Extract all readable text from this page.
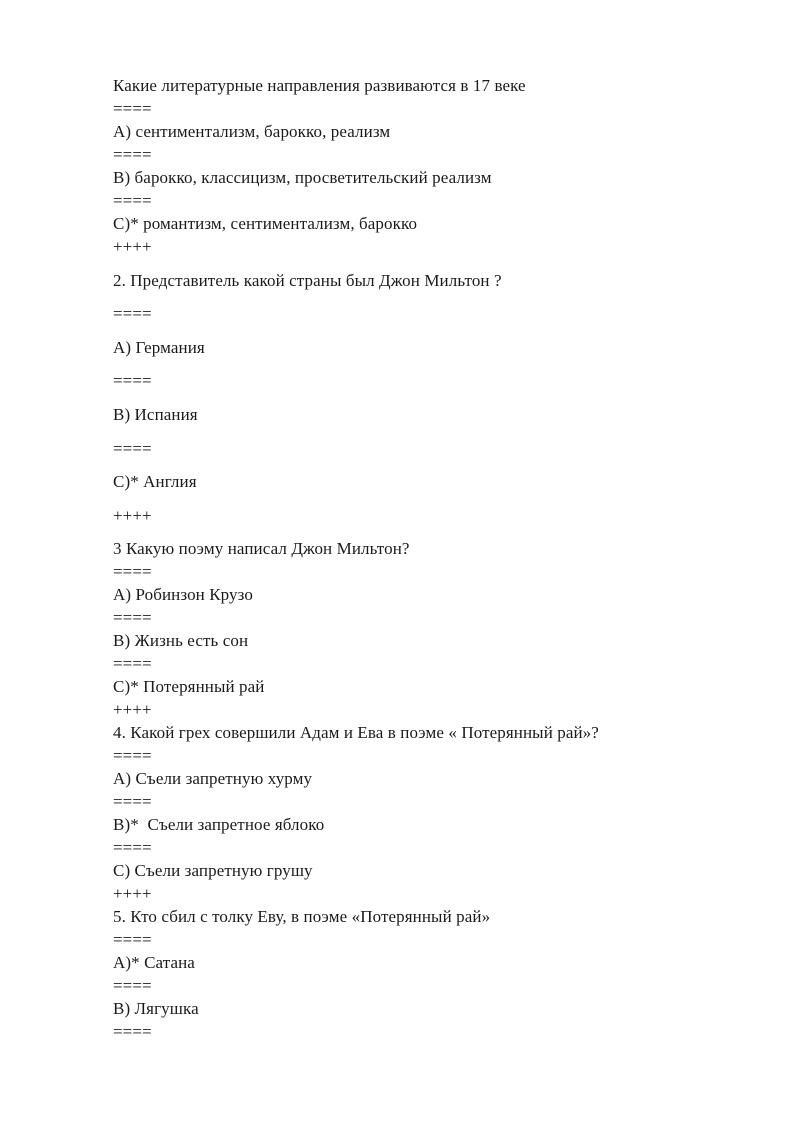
Какие литературные направления развиваются в 17 веке

====

А) сентиментализм, барокко, реализм

====

В) барокко, классицизм, просветительский реализм

====

С)* романтизм, сентиментализм, барокко

++++

2. Представитель какой страны был Джон Мильтон ?

====

А) Германия

====

В) Испания

====

С)* Англия

++++

3 Какую поэму написал Джон Мильтон?

====

А) Робинзон Крузо

====

В) Жизнь есть сон

====

С)* Потерянный рай

++++

4. Какой грех совершили Адам и Ева в поэме « Потерянный рай»?

====

А) Съели запретную хурму

====

В)*  Съели запретное яблоко

====

С) Съели запретную грушу

++++

5. Кто сбил с толку Еву, в поэме «Потерянный рай»

====

А)* Сатана

====

В) Лягушка

====
